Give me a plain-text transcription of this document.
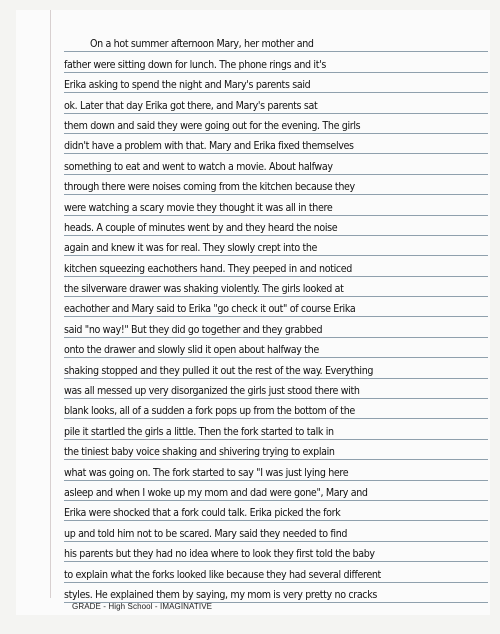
On a hot summer afternoon Mary, her mother and
father were sitting down for lunch. The phone rings and it's
Erika asking to spend the night and Mary's parents said
ok. Later that day Erika got there, and Mary's parents sat
them down and said they were going out for the evening. The girls
didn't have a problem with that. Mary and Erika fixed themselves
something to eat and went to watch a movie. About halfway
through there were noises coming from the kitchen because they
were watching a scary movie they thought it was all in there
heads. A couple of minutes went by and they heard the noise
again and knew it was for real. They slowly crept into the
kitchen squeezing eachothers hand. They peeped in and noticed
the silverware drawer was shaking violently. The girls looked at
eachother and Mary said to Erika "go check it out" of course Erika
said "no way!" But they did go together and they grabbed
onto the drawer and slowly slid it open about halfway the
shaking stopped and they pulled it out the rest of the way. Everything
was all messed up very disorganized the girls just stood there with
blank looks, all of a sudden a fork pops up from the bottom of the
pile it startled the girls a little. Then the fork started to talk in
the tiniest baby voice shaking and shivering trying to explain
what was going on. The fork started to say "I was just lying here
asleep and when I woke up my mom and dad were gone", Mary and
Erika were shocked that a fork could talk. Erika picked the fork
up and told him not to be scared. Mary said they needed to find
his parents but they had no idea where to look they first told the baby
to explain what the forks looked like because they had several different
styles. He explained them by saying, my mom is very pretty no cracks
GRADE - High School - IMAGINATIVE
